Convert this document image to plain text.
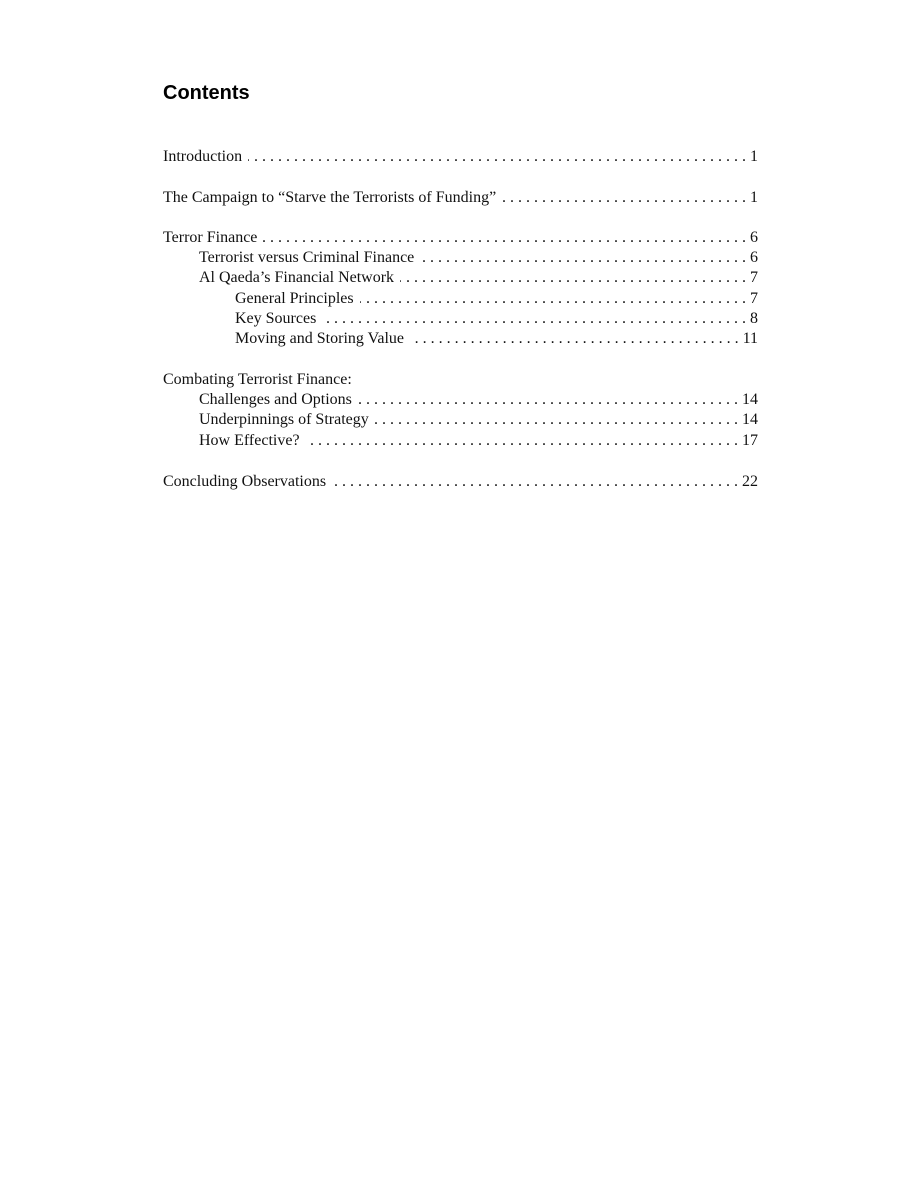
Contents
Introduction . . .	1
The Campaign to “Starve the Terrorists of Funding” . . .	1
Terror Finance . . .	6
Terrorist versus Criminal Finance . . .	6
Al Qaeda’s Financial Network . . .	7
General Principles . . .	7
Key Sources . . .	8
Moving and Storing Value . . .	11
Combating Terrorist Finance:
Challenges and Options . . .	14
Underpinnings of Strategy . . .	14
How Effective? . . .	17
Concluding Observations . . .	22
